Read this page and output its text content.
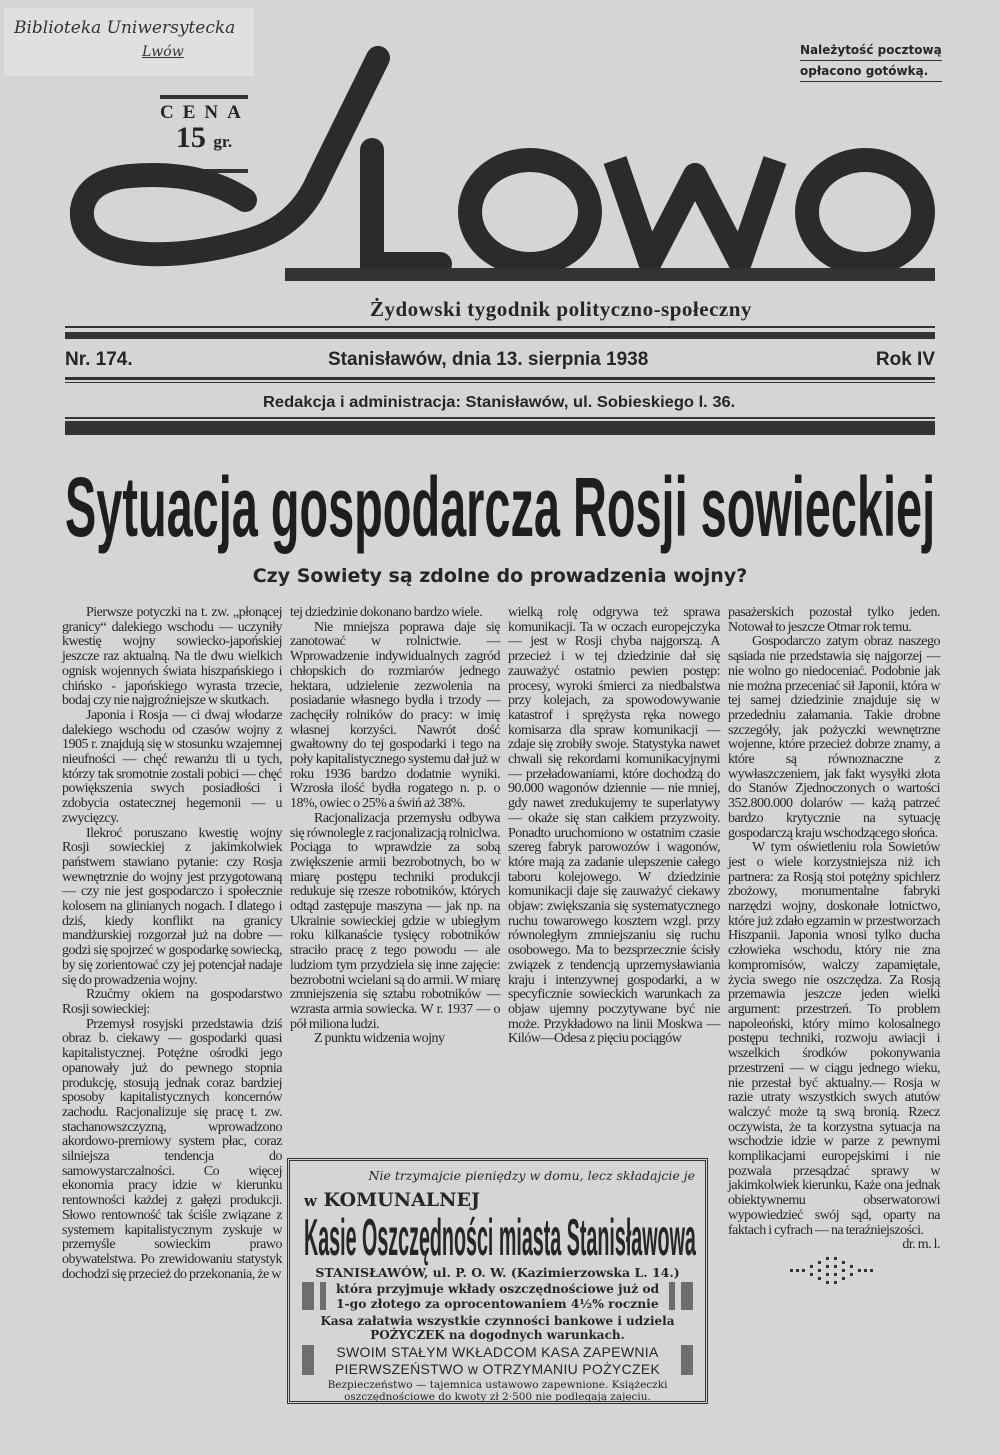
Biblioteka Uniwersytecka
Lwów
CENA
15 gr.
Należytość pocztową
opłacono gotówką.
Żydowski tygodnik polityczno-społeczny
Nr. 174.	Stanisławów, dnia 13. sierpnia 1938	Rok IV
Redakcja i administracja: Stanisławów, ul. Sobieskiego l. 36.
Sytuacja gospodarcza Rosji sowieckiej
Czy Sowiety są zdolne do prowadzenia wojny?

Pierwsze potyczki na t. zw. „płonącej granicy“ dalekiego wschodu — uczyniły kwestię wojny sowiecko-japońskiej jeszcze raz aktualną. Na tle dwu wielkich ognisk wojennych świata hiszpańskiego i chińsko - japońskiego wyrasta trzecie, bodaj czy nie najgroźniejsze w skutkach.

Japonia i Rosja — ci dwaj włodarze dalekiego wschodu od czasów wojny z 1905 r. znajdują się w stosunku wzajemnej nieufności — chęć rewanżu tli u tych, którzy tak sromotnie zostali pobici — chęć powiększenia swych posiadłości i zdobycia ostatecznej hegemonii — u zwycięzcy.

Ilekroć poruszano kwestię wojny Rosji sowieckiej z jakimkolwiek państwem stawiano pytanie: czy Rosja wewnętrznie do wojny jest przygotowaną — czy nie jest gospodarczo i społecznie kolosem na glinianych nogach. I dlatego i dziś, kiedy konflikt na granicy mandżurskiej rozgorzał już na dobre — godzi się spojrzeć w gospodarkę sowiecką, by się zorientować czy jej potencjał nadaje się do prowadzenia wojny.

Rzućmy okiem na gospodarstwo Rosji sowieckiej:

Przemysł rosyjski przedstawia dziś obraz b. ciekawy — gospodarki quasi kapitalistycznej. Potężne ośrodki jego opanowały już do pewnego stopnia produkcję, stosują jednak coraz bardziej sposoby kapitalistycznych koncernów zachodu. Racjonalizuje się pracę t. zw. stachanowszczyzną, wprowadzono akordowo-premiowy system płac, coraz silniejsza tendencja do samowystarczalności. Co więcej ekonomia pracy idzie w kierunku rentowności każdej z gałęzi produkcji. Słowo rentowność tak ściśle związane z systemem kapitalistycznym zyskuje w przemyśle sowieckim prawo obywatelstwa. Po zrewidowaniu statystyk dochodzi się przecież do przekonania, że w

tej dziedzinie dokonano bardzo wiele.

Nie mniejsza poprawa daje się zanotować w rolnictwie. — Wprowadzenie indywidualnych zagród chłopskich do rozmiarów jednego hektara, udzielenie zezwolenia na posiadanie własnego bydła i trzody — zachęciły rolników do pracy: w imię własnej korzyści. Nawrót dość gwałtowny do tej gospodarki i tego na poły kapitalistycznego systemu dał już w roku 1936 bardzo dodatnie wyniki. Wzrosła ilość bydła rogatego n. p. o 18%, owiec o 25% a świń aż 38%.

Racjonalizacja przemysłu odbywa się równolegle z racjonalizacją rolniclwa. Pociąga to wprawdzie za sobą zwiększenie armii bezrobotnych, bo w miarę postępu techniki produkcji redukuje się rzesze robotników, których odtąd zastępuje maszyna — jak np. na Ukrainie sowieckiej gdzie w ubiegłym roku kilkanaście tysięcy robotników straciło pracę z tego powodu — ale ludziom tym przydziela się inne zajęcie: bezrobotni wcielani są do armii. W miarę zmniejszenia się sztabu robotników — wzrasta armia sowiecka. W r. 1937 — o pół miliona ludzi.

Z punktu widzenia wojny

wielką rolę odgrywa też sprawa komunikacji. Ta w oczach europejczyka — jest w Rosji chyba najgorszą. A przecież i w tej dziedzinie dał się zauważyć ostatnio pewien postęp: procesy, wyroki śmierci za niedbalstwa przy kolejach, za spowodowywanie katastrof i sprężysta ręka nowego komisarza dla spraw komunikacji — zdaje się zrobiły swoje. Statystyka nawet chwali się rekordami komunikacyjnymi — przeładowaniami, które dochodzą do 90.000 wagonów dziennie — nie mniej, gdy nawet zredukujemy te superlatywy — okaże się stan całkiem przyzwoity. Ponadto uruchomiono w ostatnim czasie szereg fabryk parowozów i wagonów, które mają za zadanie ulepszenie całego taboru kolejowego. W dziedzinie komunikacji daje się zauważyć ciekawy objaw: zwiększania się systematycznego ruchu towarowego kosztem wzgl. przy równoległym zmniejszaniu się ruchu osobowego. Ma to bezsprzecznie ścisły związek z tendencją uprzemysławiania kraju i intenzywnej gospodarki, a w specyficznie sowieckich warunkach za objaw ujemny poczytywane być nie może. Przykładowo na linii Moskwa — Kilów—Odesa z pięciu pociągów

pasażerskich pozostał tylko jeden. Notował to jeszcze Otmar rok temu.

Gospodarczo zatym obraz naszego sąsiada nie przedstawia się najgorzej — nie wolno go niedoceniać. Podobnie jak nie można przeceniać sił Japonii, która w tej samej dziedzinie znajduje się w przededniu załamania. Takie drobne szczegóły, jak pożyczki wewnętrzne wojenne, które przecież dobrze znamy, a które są równoznaczne z wywłaszczeniem, jak fakt wysyłki złota do Stanów Zjednoczonych o wartości 352.800.000 dolarów — każą patrzeć bardzo krytycznie na sytuację gospodarczą kraju wschodzącego słońca.

W tym oświetleniu rola Sowietów jest o wiele korzystniejsza niż ich partnera: za Rosją stoi potężny spichlerz zbożowy, monumentalne fabryki narzędzi wojny, doskonałe lotnictwo, które już zdało egzamin w przestworzach Hiszpanii. Japonia wnosi tylko ducha człowieka wschodu, który nie zna kompromisów, walczy zapamiętale, życia swego nie oszczędza. Za Rosją przemawia jeszcze jeden wielki argument: przestrzeń. To problem napoleoński, który mimo kolosalnego postępu techniki, rozwoju awiacji i wszelkich środków pokonywania przestrzeni — w ciągu jednego wieku, nie przestał być aktualny.— Rosja w razie utraty wszystkich swych atutów walczyć może tą swą bronią. Rzecz oczywista, że ta korzystna sytuacja na wschodzie idzie w parze z pewnymi komplikacjami europejskimi i nie pozwala przesądzać sprawy w jakimkolwiek kierunku, Każe ona jednak obiektywnemu obserwatorowi wypowiedzieć swój sąd, oparty na faktach i cyfrach — na teraźniejszości.

dr. m. l.

Nie trzymajcie pieniędzy w domu, lecz składajcie je
w KOMUNALNEJ
Kasie Oszczędności miasta Stanisławowa
STANISŁAWÓW, ul. P. O. W. (Kazimierzowska L. 14.)
która przyjmuje wkłady oszczędnościowe już od
1-go złotego za oprocentowaniem 4½% rocznie
Kasa załatwia wszystkie czynności bankowe i udziela POŻYCZEK na dogodnych warunkach.
SWOIM STAŁYM WKŁADCOM KASA ZAPEWNIA
PIERWSZEŃSTWO w OTRZYMANIU POŻYCZEK
Bezpieczeństwo — tajemnica ustawowo zapewnione. Książeczki oszczędnościowe do kwoty zł 2·500 nie podlegają zajęciu.
